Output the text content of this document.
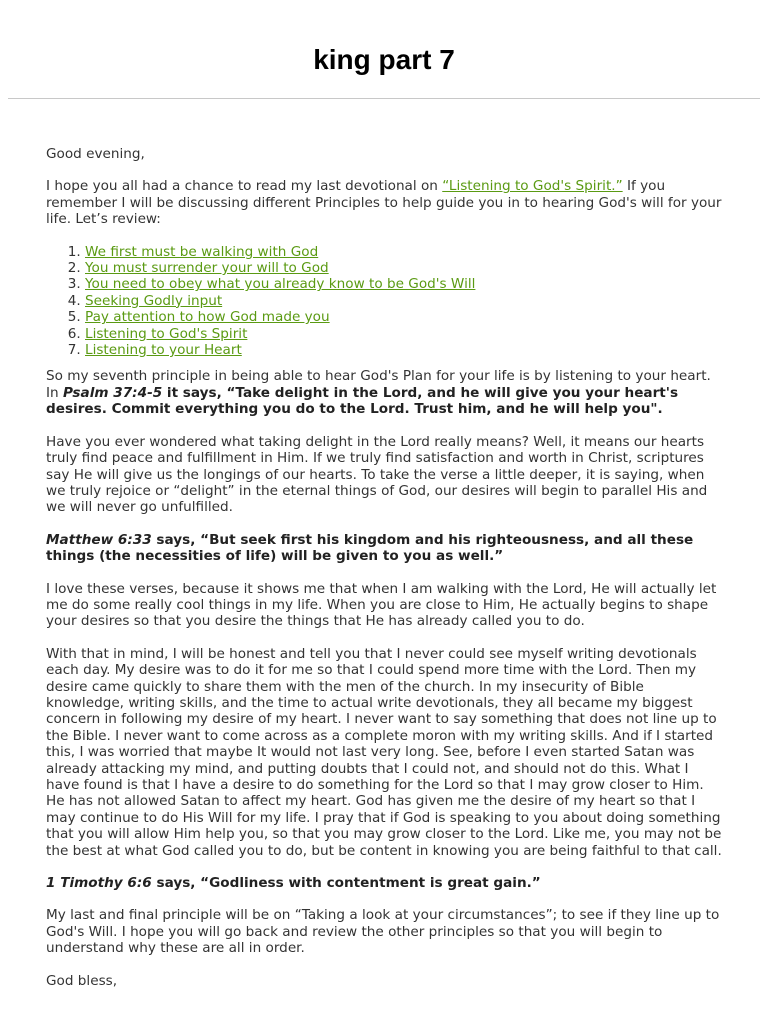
king part 7

Good evening,

I hope you all had a chance to read my last devotional on “Listening to God's Spirit.” If you remember I will be discussing different Principles to help guide you in to hearing God's will for your life. Let’s review:

1. We first must be walking with God
2. You must surrender your will to God
3. You need to obey what you already know to be God's Will
4. Seeking Godly input
5. Pay attention to how God made you
6. Listening to God's Spirit
7. Listening to your Heart

So my seventh principle in being able to hear God's Plan for your life is by listening to your heart. In Psalm 37:4-5 it says, “Take delight in the Lord, and he will give you your heart's desires. Commit everything you do to the Lord. Trust him, and he will help you".

Have you ever wondered what taking delight in the Lord really means? Well, it means our hearts truly find peace and fulfillment in Him. If we truly find satisfaction and worth in Christ, scriptures say He will give us the longings of our hearts. To take the verse a little deeper, it is saying, when we truly rejoice or “delight” in the eternal things of God, our desires will begin to parallel His and we will never go unfulfilled.

Matthew 6:33 says, “But seek first his kingdom and his righteousness, and all these things (the necessities of life) will be given to you as well.”

I love these verses, because it shows me that when I am walking with the Lord, He will actually let me do some really cool things in my life. When you are close to Him, He actually begins to shape your desires so that you desire the things that He has already called you to do.

With that in mind, I will be honest and tell you that I never could see myself writing devotionals each day. My desire was to do it for me so that I could spend more time with the Lord. Then my desire came quickly to share them with the men of the church. In my insecurity of Bible knowledge, writing skills, and the time to actual write devotionals, they all became my biggest concern in following my desire of my heart. I never want to say something that does not line up to the Bible. I never want to come across as a complete moron with my writing skills. And if I started this, I was worried that maybe It would not last very long. See, before I even started Satan was already attacking my mind, and putting doubts that I could not, and should not do this. What I have found is that I have a desire to do something for the Lord so that I may grow closer to Him. He has not allowed Satan to affect my heart. God has given me the desire of my heart so that I may continue to do His Will for my life. I pray that if God is speaking to you about doing something that you will allow Him help you, so that you may grow closer to the Lord. Like me, you may not be the best at what God called you to do, but be content in knowing you are being faithful to that call.

1 Timothy 6:6 says, “Godliness with contentment is great gain.”

My last and final principle will be on “Taking a look at your circumstances”; to see if they line up to God's Will. I hope you will go back and review the other principles so that you will begin to understand why these are all in order.

God bless,
